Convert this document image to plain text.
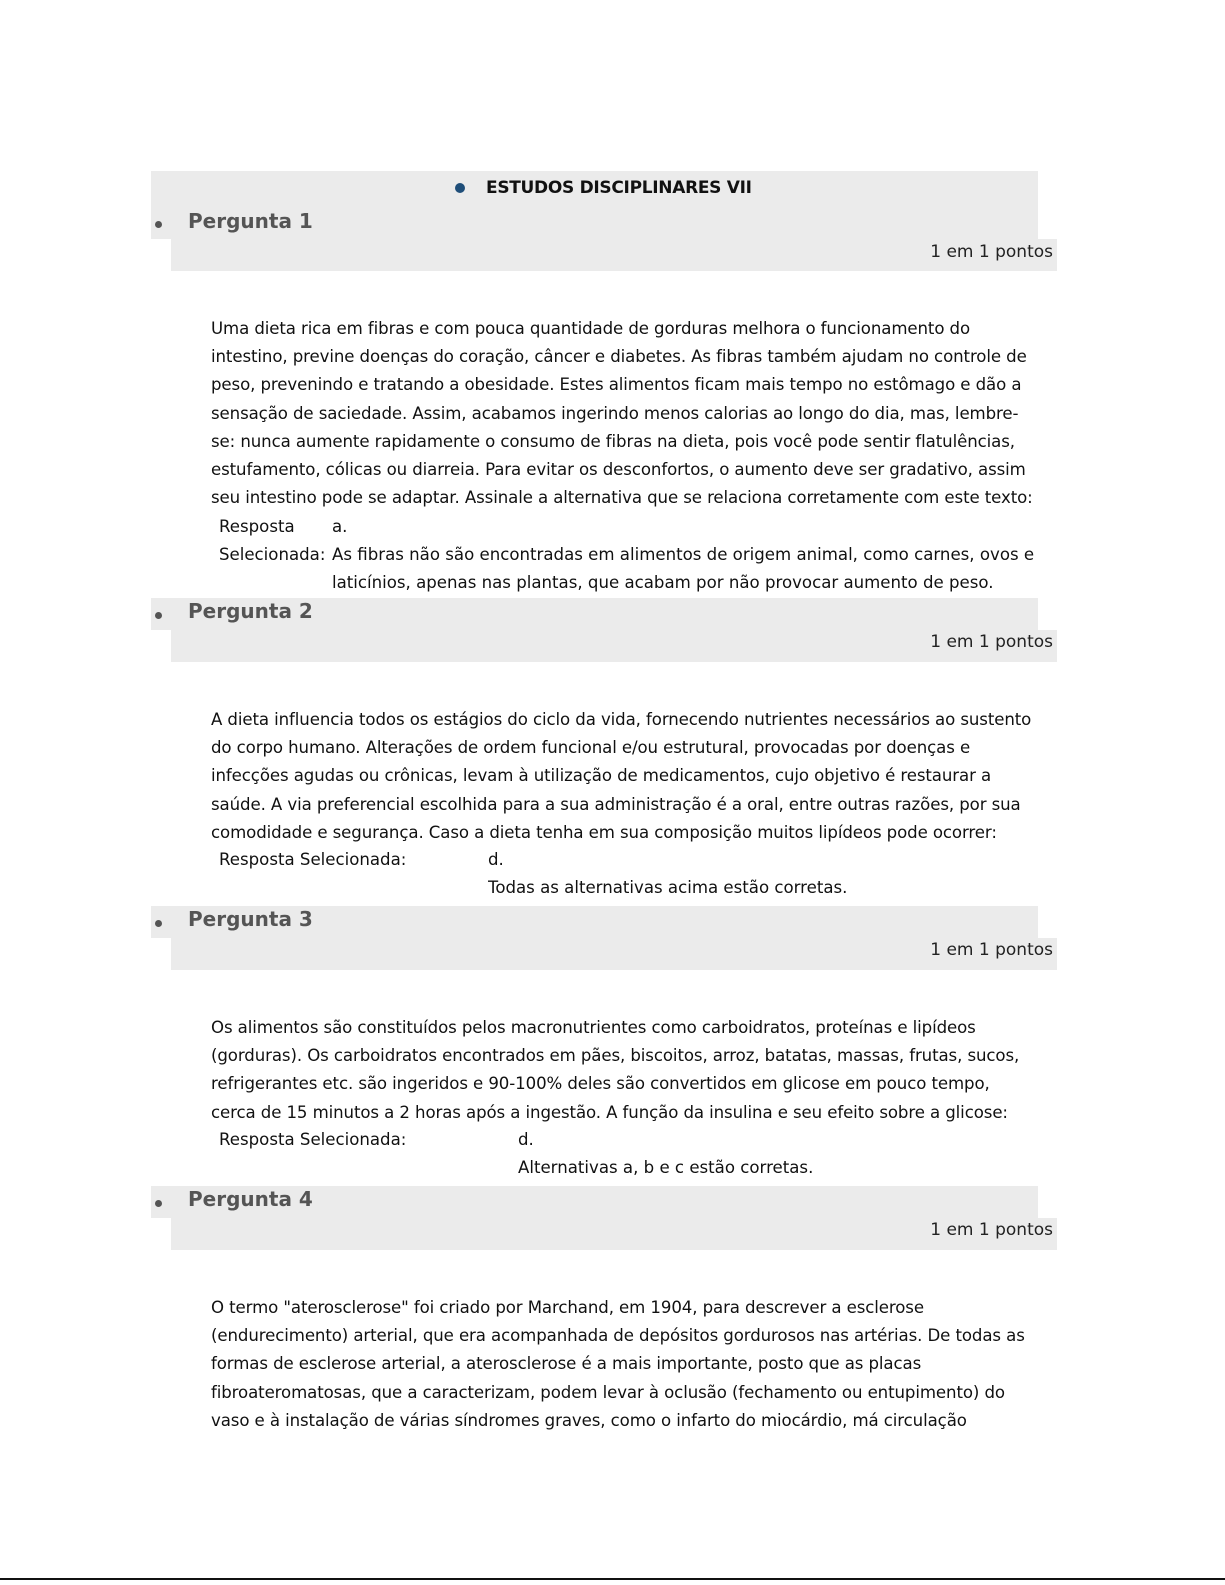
ESTUDOS DISCIPLINARES VII
Pergunta 1
1 em 1 pontos

Uma dieta rica em fibras e com pouca quantidade de gorduras melhora o funcionamento do intestino, previne doenças do coração, câncer e diabetes. As fibras também ajudam no controle de peso, prevenindo e tratando a obesidade. Estes alimentos ficam mais tempo no estômago e dão a sensação de saciedade. Assim, acabamos ingerindo menos calorias ao longo do dia, mas, lembre-se: nunca aumente rapidamente o consumo de fibras na dieta, pois você pode sentir flatulências, estufamento, cólicas ou diarreia. Para evitar os desconfortos, o aumento deve ser gradativo, assim seu intestino pode se adaptar. Assinale a alternativa que se relaciona corretamente com este texto:

Resposta
Selecionada:
a.
As fibras não são encontradas em alimentos de origem animal, como carnes, ovos e laticínios, apenas nas plantas, que acabam por não provocar aumento de peso.
Pergunta 2
1 em 1 pontos

A dieta influencia todos os estágios do ciclo da vida, fornecendo nutrientes necessários ao sustento do corpo humano. Alterações de ordem funcional e/ou estrutural, provocadas por doenças e infecções agudas ou crônicas, levam à utilização de medicamentos, cujo objetivo é restaurar a saúde. A via preferencial escolhida para a sua administração é a oral, entre outras razões, por sua comodidade e segurança. Caso a dieta tenha em sua composição muitos lipídeos pode ocorrer:

Resposta Selecionada:	d.
Todas as alternativas acima estão corretas.
Pergunta 3
1 em 1 pontos

Os alimentos são constituídos pelos macronutrientes como carboidratos, proteínas e lipídeos (gorduras). Os carboidratos encontrados em pães, biscoitos, arroz, batatas, massas, frutas, sucos, refrigerantes etc. são ingeridos e 90-100% deles são convertidos em glicose em pouco tempo, cerca de 15 minutos a 2 horas após a ingestão. A função da insulina e seu efeito sobre a glicose:

Resposta Selecionada:	d.
Alternativas a, b e c estão corretas.
Pergunta 4
1 em 1 pontos

O termo "aterosclerose" foi criado por Marchand, em 1904, para descrever a esclerose (endurecimento) arterial, que era acompanhada de depósitos gordurosos nas artérias. De todas as formas de esclerose arterial, a aterosclerose é a mais importante, posto que as placas fibroateromatosas, que a caracterizam, podem levar à oclusão (fechamento ou entupimento) do vaso e à instalação de várias síndromes graves, como o infarto do miocárdio, má circulação
